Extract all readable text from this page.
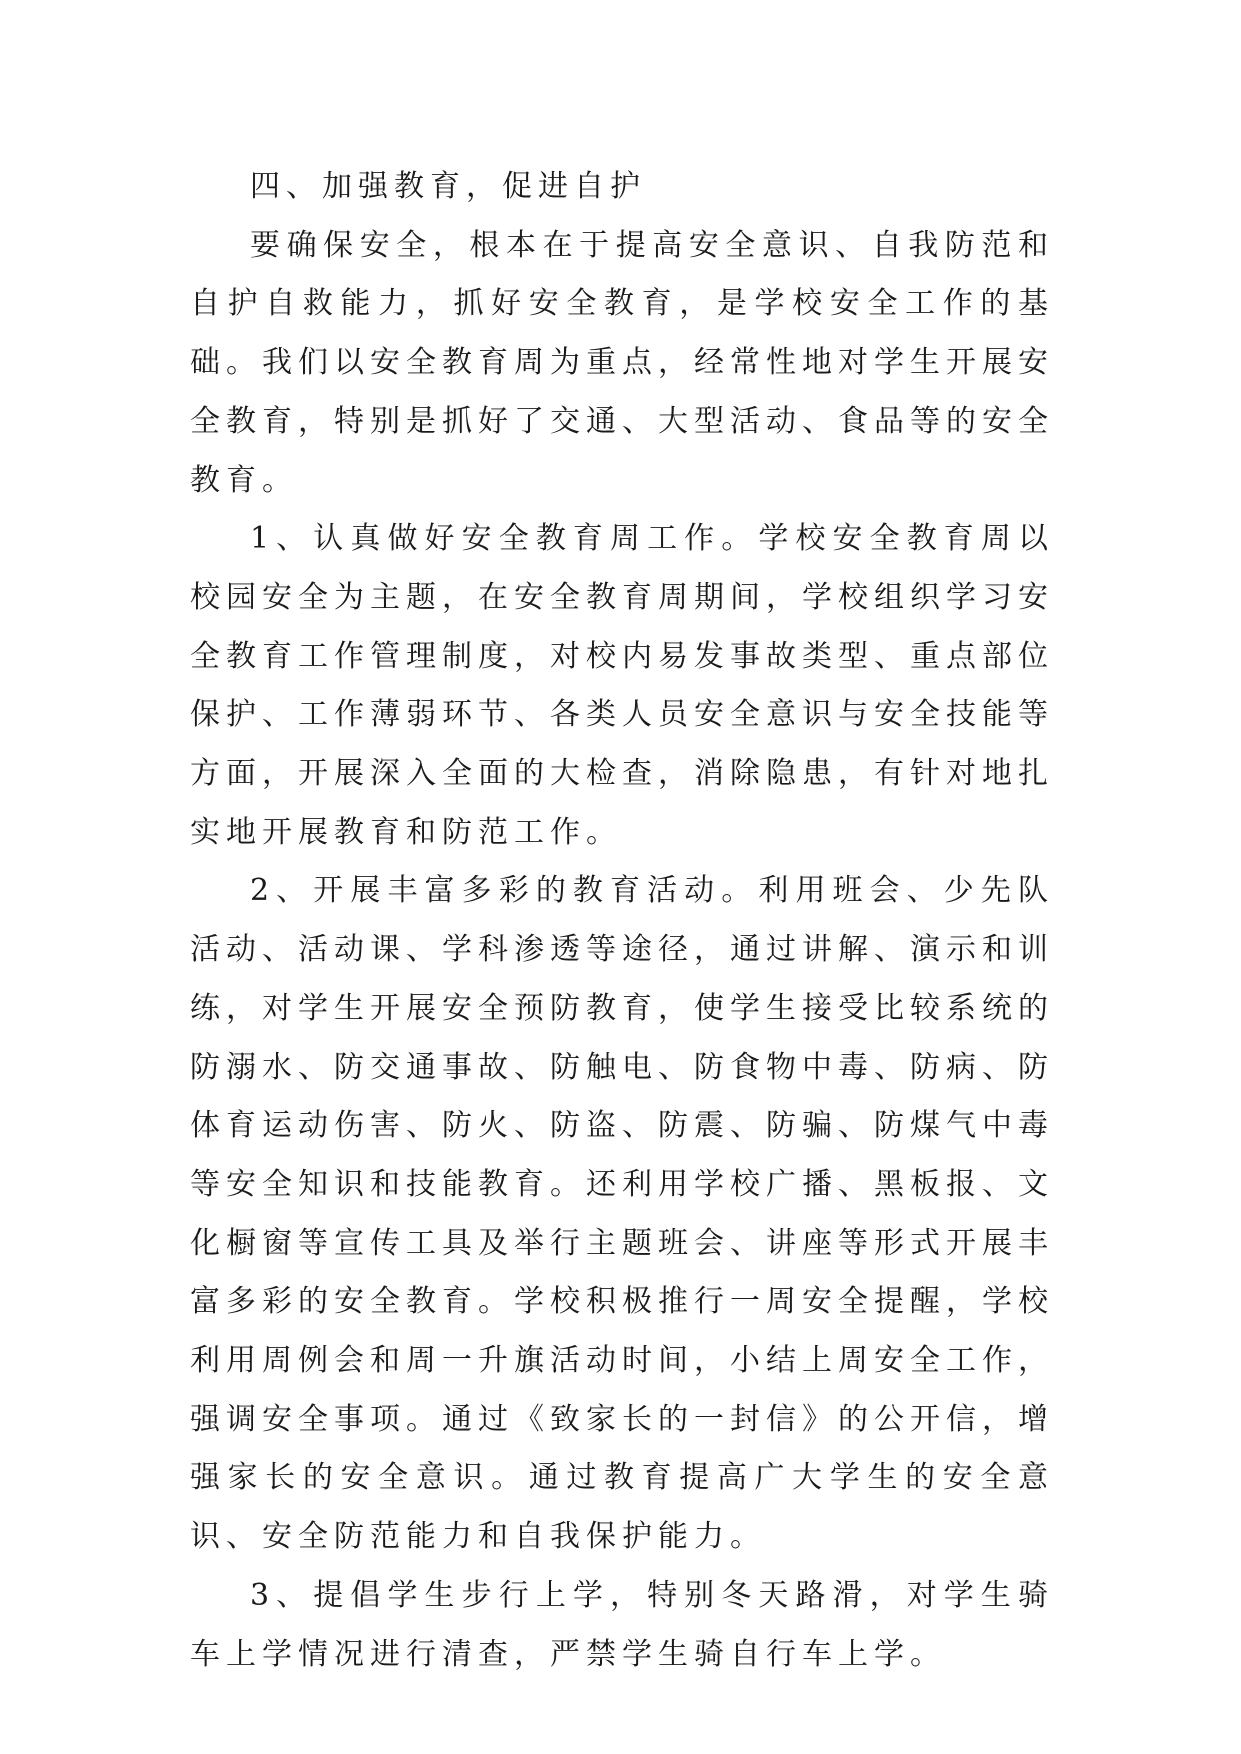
四、加强教育，促进自护

要确保安全，根本在于提高安全意识、自我防范和自护自救能力，抓好安全教育，是学校安全工作的基础。我们以安全教育周为重点，经常性地对学生开展安全教育，特别是抓好了交通、大型活动、食品等的安全教育。

1、认真做好安全教育周工作。学校安全教育周以校园安全为主题，在安全教育周期间，学校组织学习安全教育工作管理制度，对校内易发事故类型、重点部位保护、工作薄弱环节、各类人员安全意识与安全技能等方面，开展深入全面的大检查，消除隐患，有针对地扎实地开展教育和防范工作。

2、开展丰富多彩的教育活动。利用班会、少先队活动、活动课、学科渗透等途径，通过讲解、演示和训练，对学生开展安全预防教育，使学生接受比较系统的防溺水、防交通事故、防触电、防食物中毒、防病、防体育运动伤害、防火、防盗、防震、防骗、防煤气中毒等安全知识和技能教育。还利用学校广播、黑板报、文化橱窗等宣传工具及举行主题班会、讲座等形式开展丰富多彩的安全教育。学校积极推行一周安全提醒，学校利用周例会和周一升旗活动时间，小结上周安全工作，强调安全事项。通过《致家长的一封信》的公开信，增强家长的安全意识。通过教育提高广大学生的安全意识、安全防范能力和自我保护能力。

3、提倡学生步行上学，特别冬天路滑，对学生骑车上学情况进行清查，严禁学生骑自行车上学。
